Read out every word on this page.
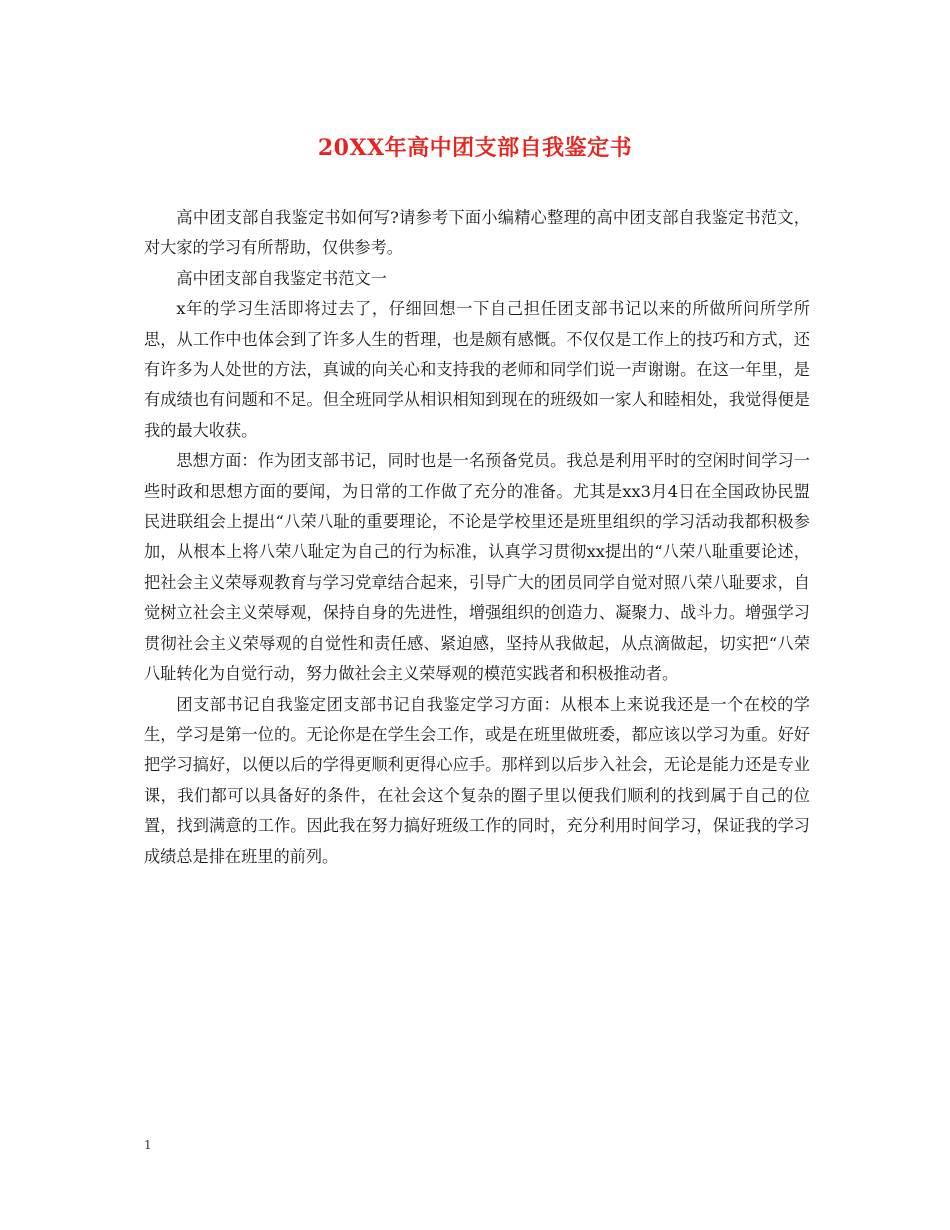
20XX年高中团支部自我鉴定书

高中团支部自我鉴定书如何写?请参考下面小编精心整理的高中团支部自我鉴定书范文，对大家的学习有所帮助，仅供参考。

高中团支部自我鉴定书范文一

x年的学习生活即将过去了，仔细回想一下自己担任团支部书记以来的所做所问所学所思，从工作中也体会到了许多人生的哲理，也是颇有感慨。不仅仅是工作上的技巧和方式，还有许多为人处世的方法，真诚的向关心和支持我的老师和同学们说一声谢谢。在这一年里，是有成绩也有问题和不足。但全班同学从相识相知到现在的班级如一家人和睦相处，我觉得便是我的最大收获。

思想方面：作为团支部书记，同时也是一名预备党员。我总是利用平时的空闲时间学习一些时政和思想方面的要闻，为日常的工作做了充分的准备。尤其是xx3月4日在全国政协民盟民进联组会上提出“八荣八耻的重要理论，不论是学校里还是班里组织的学习活动我都积极参加，从根本上将八荣八耻定为自己的行为标准，认真学习贯彻xx提出的“八荣八耻重要论述，把社会主义荣辱观教育与学习党章结合起来，引导广大的团员同学自觉对照八荣八耻要求，自觉树立社会主义荣辱观，保持自身的先进性，增强组织的创造力、凝聚力、战斗力。增强学习贯彻社会主义荣辱观的自觉性和责任感、紧迫感，坚持从我做起，从点滴做起，切实把“八荣八耻转化为自觉行动，努力做社会主义荣辱观的模范实践者和积极推动者。

团支部书记自我鉴定团支部书记自我鉴定学习方面：从根本上来说我还是一个在校的学生，学习是第一位的。无论你是在学生会工作，或是在班里做班委，都应该以学习为重。好好把学习搞好，以便以后的学得更顺利更得心应手。那样到以后步入社会，无论是能力还是专业课，我们都可以具备好的条件，在社会这个复杂的圈子里以便我们顺利的找到属于自己的位置，找到满意的工作。因此我在努力搞好班级工作的同时，充分利用时间学习，保证我的学习成绩总是排在班里的前列。

1
